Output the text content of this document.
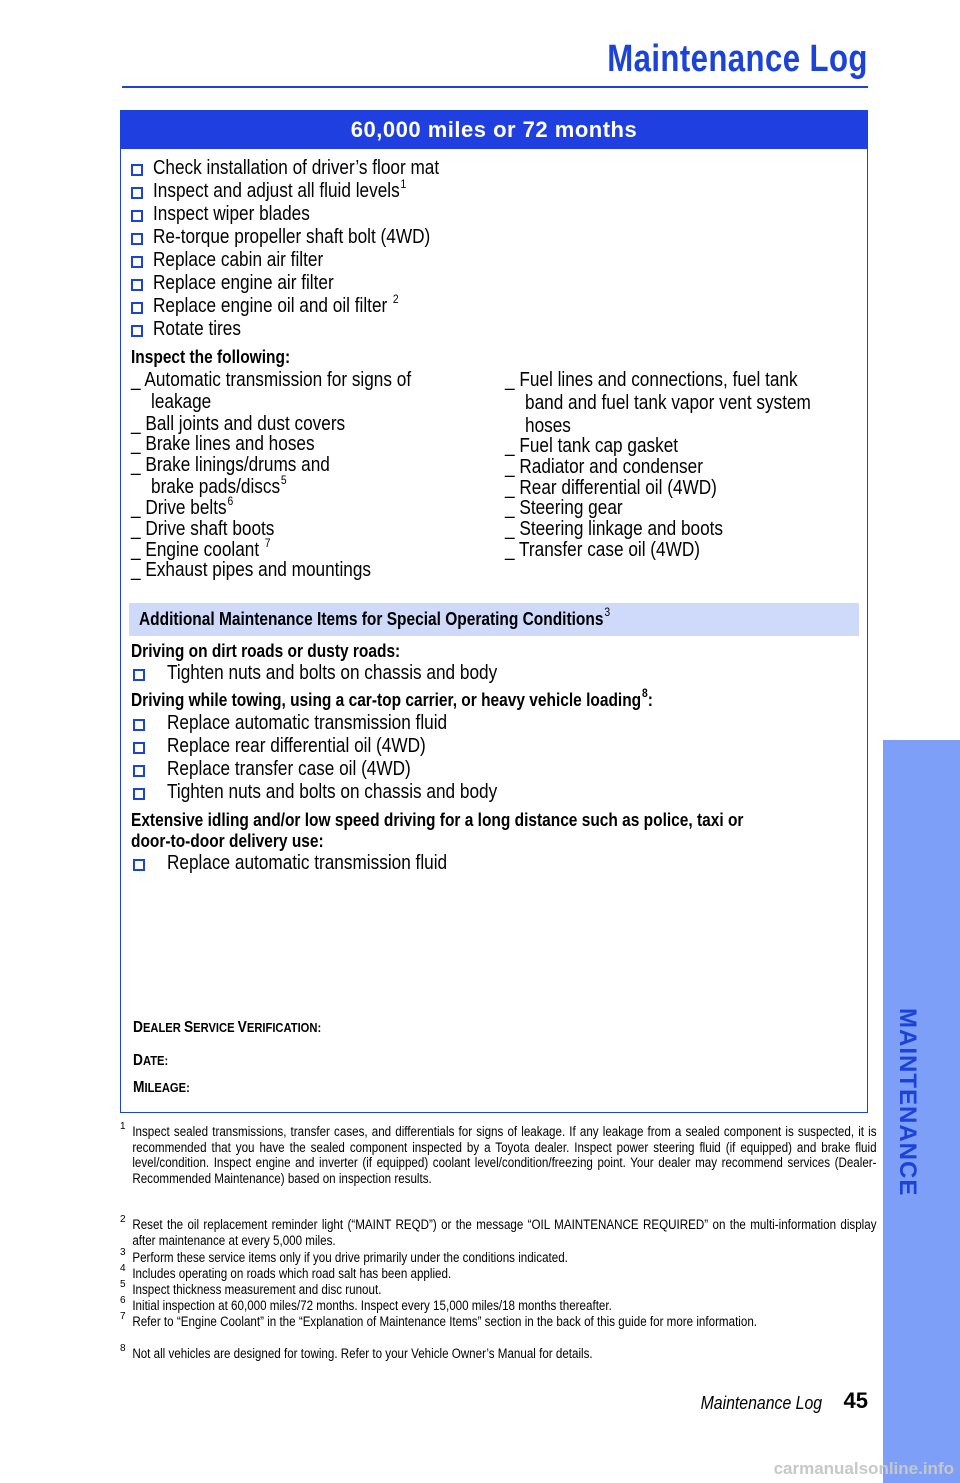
Maintenance Log
60,000 miles or 72 months
Inspect the following:
Additional Maintenance Items for Special Operating Conditions$^3$
Driving on dirt roads or dusty roads:
Driving while towing, using a car-top carrier, or heavy vehicle loading$^8$:
Extensive idling and/or low speed driving for a long distance such as police, taxi or
door-to-door delivery use:
DEALER SERVICE VERIFICATION:
DATE:
MILEAGE:
Check installation of driver’s floor mat
Inspect and adjust all fluid levels$^1$
Inspect wiper blades
Re-torque propeller shaft bolt (4WD)
Replace cabin air filter
Replace engine air filter
Replace engine oil and oil filter $^2$
Rotate tires
_ Automatic transmission for signs of
leakage
_ Ball joints and dust covers
_ Brake lines and hoses
_ Brake linings/drums and
brake pads/discs$^5$
_ Drive belts$^6$
_ Drive shaft boots
_ Engine coolant $^7$
_ Exhaust pipes and mountings
_ Fuel lines and connections, fuel tank
band and fuel tank vapor vent system
hoses
_ Fuel tank cap gasket
_ Radiator and condenser
_ Rear differential oil (4WD)
_ Steering gear
_ Steering linkage and boots
_ Transfer case oil (4WD)
Tighten nuts and bolts on chassis and body
Replace automatic transmission fluid
Replace rear differential oil (4WD)
Replace transfer case oil (4WD)
Tighten nuts and bolts on chassis and body
Replace automatic transmission fluid
1 Inspect sealed transmissions, transfer cases, and differentials for signs of leakage. If any leakage from a sealed component is suspected, it is recommended that you have the sealed component inspected by a Toyota dealer. Inspect power steering fluid (if equipped) and brake fluid level/condition. Inspect engine and inverter (if equipped) coolant level/condition/freezing point. Your dealer may recommend services (Dealer-Recommended Maintenance) based on inspection results.
2 Reset the oil replacement reminder light (“MAINT REQD”) or the message “OIL MAINTENANCE REQUIRED” on the multi-information display after maintenance at every 5,000 miles.
3 Perform these service items only if you drive primarily under the conditions indicated.
4 Includes operating on roads which road salt has been applied.
5 Inspect thickness measurement and disc runout.
6 Initial inspection at 60,000 miles/72 months. Inspect every 15,000 miles/18 months thereafter.
7 Refer to “Engine Coolant” in the “Explanation of Maintenance Items” section in the back of this guide for more information.
8 Not all vehicles are designed for towing. Refer to your Vehicle Owner’s Manual for details.
MAINTENANCE
Maintenance Log 45
carmanualsonline.info
